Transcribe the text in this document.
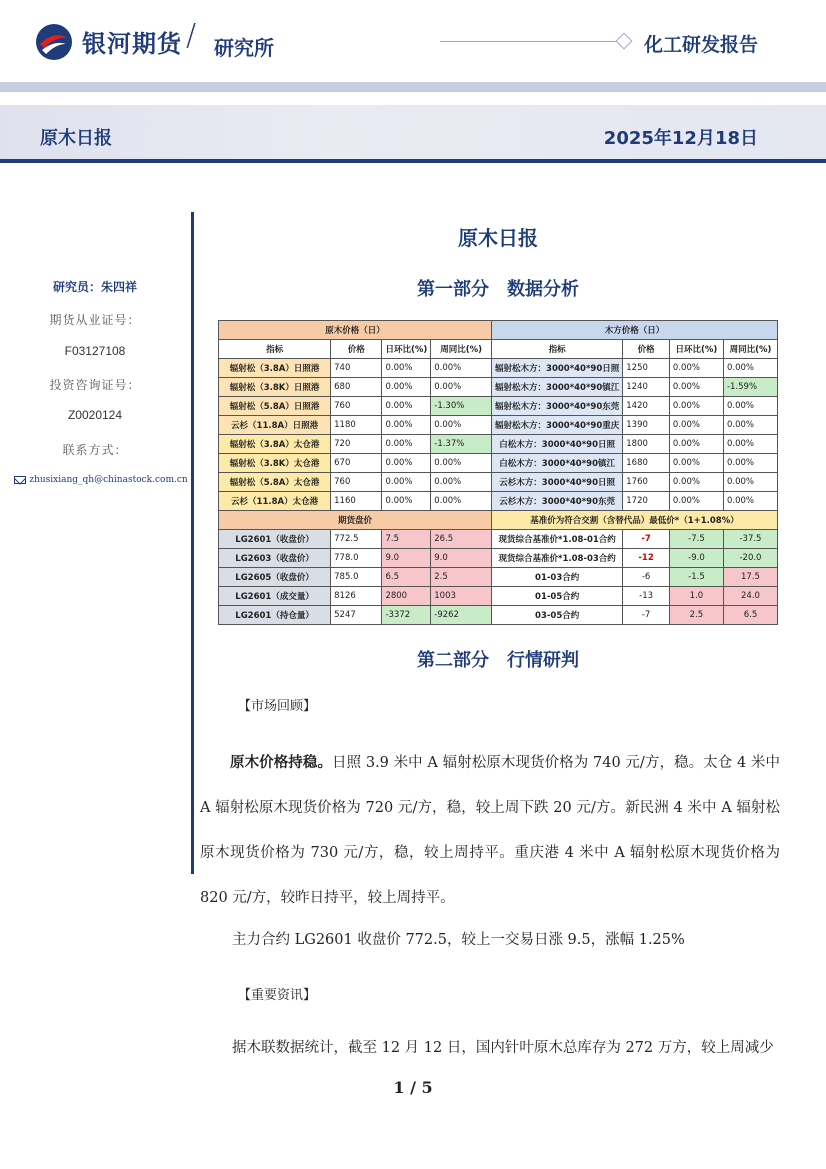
银河期货 / 研究所	化工研发报告
原木日报	2025年12月18日
研究员：朱四祥
期货从业证号：
F03127108
投资咨询证号：
Z0020124
联系方式：
zhusixiang_qh@chinastock.com.cn
原木日报
第一部分　数据分析
原木价格（日）				木方价格（日）			
指标	价格	日环比(%)	周同比(%)	指标	价格	日环比(%)	周同比(%)
辐射松（3.8A）日照港	740	0.00%	0.00%	辐射松木方：3000*40*90日照	1250	0.00%	0.00%
辐射松（3.8K）日照港	680	0.00%	0.00%	辐射松木方：3000*40*90镇江	1240	0.00%	-1.59%
辐射松（5.8A）日照港	760	0.00%	-1.30%	辐射松木方：3000*40*90东莞	1420	0.00%	0.00%
云杉（11.8A）日照港	1180	0.00%	0.00%	辐射松木方：3000*40*90重庆	1390	0.00%	0.00%
辐射松（3.8A）太仓港	720	0.00%	-1.37%	白松木方：3000*40*90日照	1800	0.00%	0.00%
辐射松（3.8K）太仓港	670	0.00%	0.00%	白松木方：3000*40*90镇江	1680	0.00%	0.00%
辐射松（5.8A）太仓港	760	0.00%	0.00%	云杉木方：3000*40*90日照	1760	0.00%	0.00%
云杉（11.8A）太仓港	1160	0.00%	0.00%	云杉木方：3000*40*90东莞	1720	0.00%	0.00%
期货盘价				基准价为符合交割（含替代品）最低价*（1+1.08%）			
LG2601（收盘价）	772.5	7.5	26.5	现货综合基准价*1.08-01合约	-7	-7.5	-37.5
LG2603（收盘价）	778.0	9.0	9.0	现货综合基准价*1.08-03合约	-12	-9.0	-20.0
LG2605（收盘价）	785.0	6.5	2.5	01-03合约	-6	-1.5	17.5
LG2601（成交量）	8126	2800	1003	01-05合约	-13	1.0	24.0
LG2601（持仓量）	5247	-3372	-9262	03-05合约	-7	2.5	6.5
第二部分　行情研判
【市场回顾】
原木价格持稳。日照 3.9 米中 A 辐射松原木现货价格为 740 元/方，稳。太仓 4 米中 A 辐射松原木现货价格为 720 元/方，稳，较上周下跌 20 元/方。新民洲 4 米中 A 辐射松原木现货价格为 730 元/方，稳，较上周持平。重庆港 4 米中 A 辐射松原木现货价格为 820 元/方，较昨日持平，较上周持平。
主力合约 LG2601 收盘价 772.5，较上一交易日涨 9.5，涨幅 1.25%
【重要资讯】
据木联数据统计，截至 12 月 12 日，国内针叶原木总库存为 272 万方，较上周减少
1 / 5
